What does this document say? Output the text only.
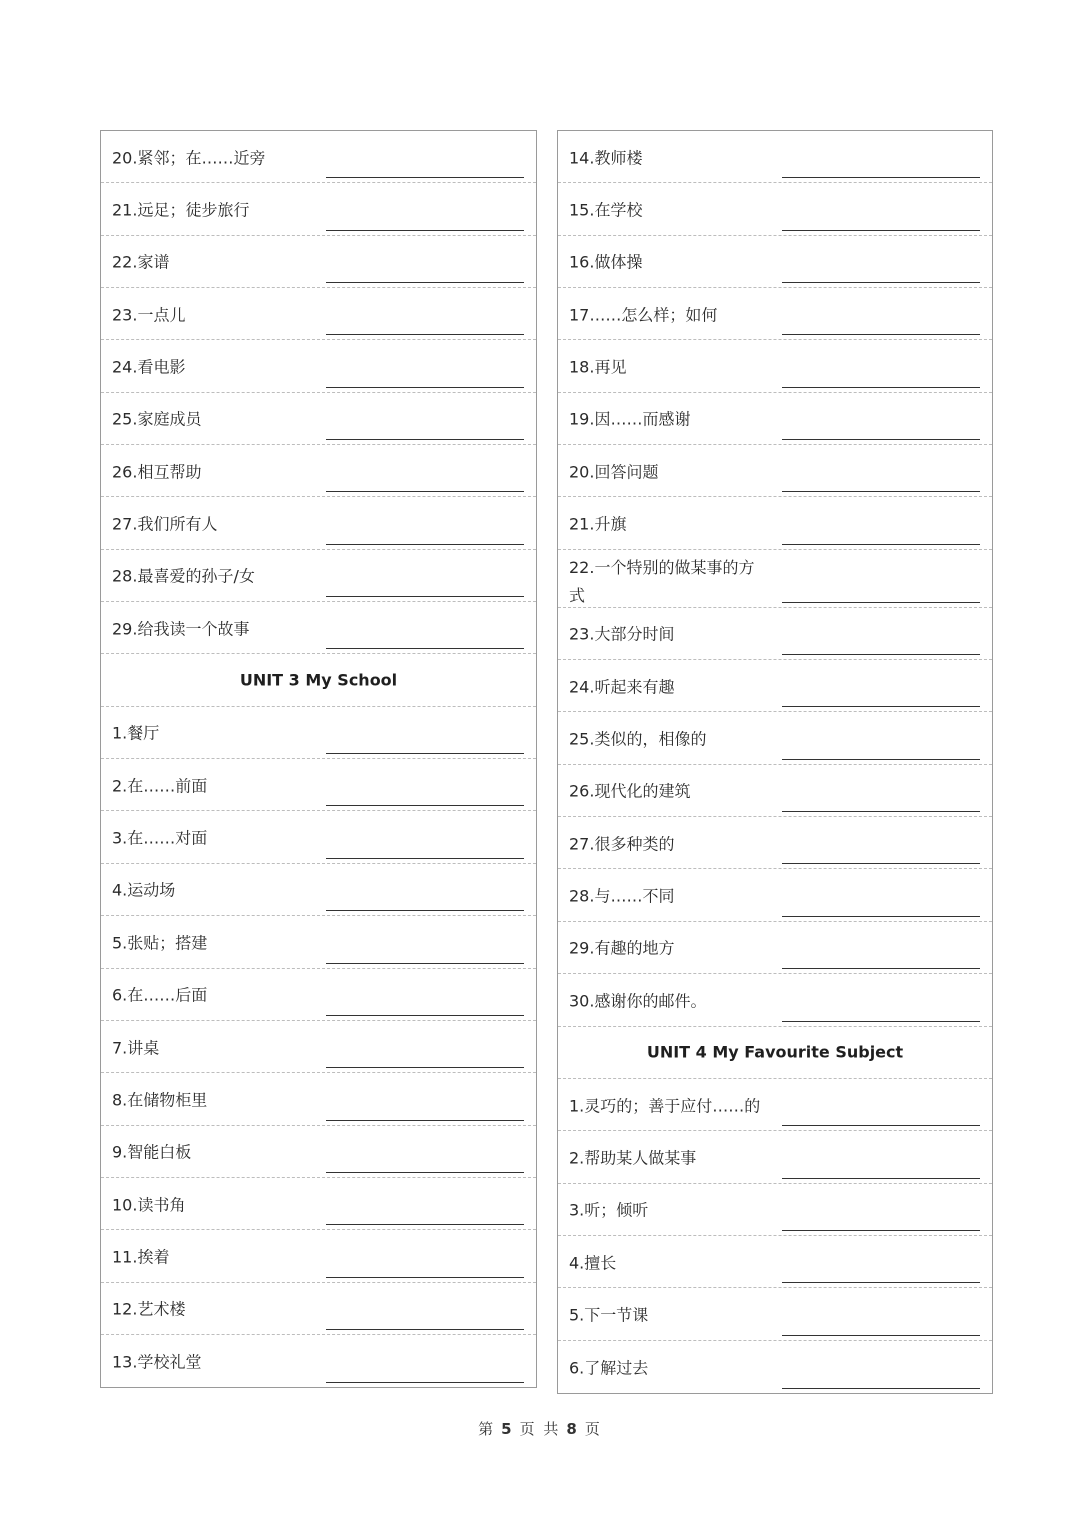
20.紧邻；在……近旁
21.远足；徒步旅行
22.家谱
23.一点儿
24.看电影
25.家庭成员
26.相互帮助
27.我们所有人
28.最喜爱的孙子/女
29.给我读一个故事
UNIT 3 My School
1.餐厅
2.在……前面
3.在……对面
4.运动场
5.张贴；搭建
6.在……后面
7.讲桌
8.在储物柜里
9.智能白板
10.读书角
11.挨着
12.艺术楼
13.学校礼堂
14.教师楼
15.在学校
16.做体操
17……怎么样；如何
18.再见
19.因……而感谢
20.回答问题
21.升旗
22.一个特别的做某事的方式
23.大部分时间
24.听起来有趣
25.类似的，相像的
26.现代化的建筑
27.很多种类的
28.与……不同
29.有趣的地方
30.感谢你的邮件。
UNIT 4 My Favourite Subject
1.灵巧的；善于应付……的
2.帮助某人做某事
3.听；倾听
4.擅长
5.下一节课
6.了解过去
第 5 页 共 8 页
